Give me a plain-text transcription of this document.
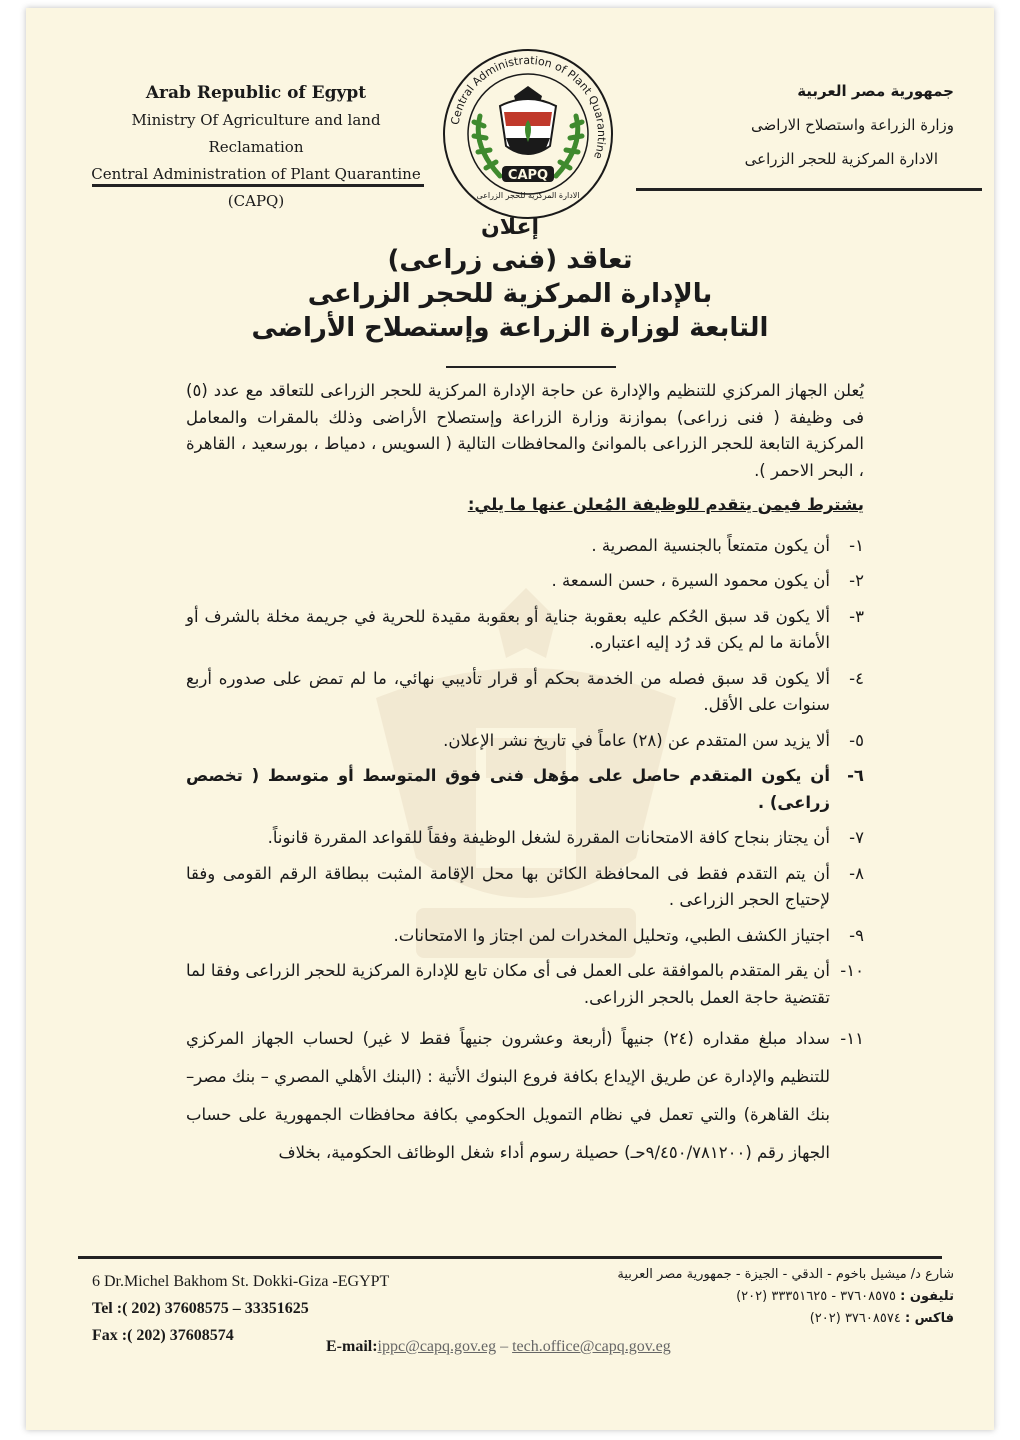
Arab Republic of Egypt
Ministry Of Agriculture and land Reclamation
Central Administration of Plant Quarantine
(CAPQ)
جمهورية مصر العربية
وزارة الزراعة واستصلاح الاراضى
الادارة المركزية للحجر الزراعى
Central Administration of Plant Quarantine
CAPQ
الادارة المركزية للحجر الزراعى
إعلان
تعاقد (فنى زراعى)
بالإدارة المركزية للحجر الزراعى
التابعة لوزارة الزراعة وإستصلاح الأراضى
يُعلن الجهاز المركزي للتنظيم والإدارة عن حاجة الإدارة المركزية للحجر الزراعى للتعاقد مع عدد (٥) فى وظيفة ( فنى زراعى) بموازنة وزارة الزراعة وإستصلاح الأراضى وذلك بالمقرات والمعامل المركزية التابعة للحجر الزراعى بالموانئ والمحافظات التالية ( السويس ، دمياط ، بورسعيد ، القاهرة ، البحر الاحمر ).
يشترط فيمن يتقدم للوظيفة المُعلن عنها ما يلي:
١-
أن يكون متمتعاً بالجنسية المصرية .
٢-
أن يكون محمود السيرة ، حسن السمعة .
٣-
ألا يكون قد سبق الحُكم عليه بعقوبة جناية أو بعقوبة مقيدة للحرية في جريمة مخلة بالشرف أو الأمانة ما لم يكن قد رُد إليه اعتباره.
٤-
ألا يكون قد سبق فصله من الخدمة بحكم أو قرار تأديبي نهائي، ما لم تمض على صدوره أربع سنوات على الأقل.
٥-
ألا يزيد سن المتقدم عن (٢٨) عاماً في تاريخ نشر الإعلان.
٦-
أن يكون المتقدم حاصل على مؤهل فنى فوق المتوسط أو متوسط ( تخصص زراعى) .
٧-
أن يجتاز بنجاح كافة الامتحانات المقررة لشغل الوظيفة وفقاً للقواعد المقررة قانوناً.
٨-
أن يتم التقدم فقط فى المحافظة الكائن بها محل الإقامة المثبت ببطاقة الرقم القومى وفقا لإحتياج الحجر الزراعى .
٩-
اجتياز الكشف الطبي، وتحليل المخدرات لمن اجتاز وا الامتحانات.
١٠-
أن يقر المتقدم بالموافقة على العمل فى أى مكان تابع للإدارة المركزية للحجر الزراعى وفقا لما تقتضية حاجة العمل بالحجر الزراعى.
١١-
سداد مبلغ مقداره (٢٤) جنيهاً (أربعة وعشرون جنيهاً فقط لا غير) لحساب الجهاز المركزي للتنظيم والإدارة عن طريق الإيداع بكافة فروع البنوك الأتية : (البنك الأهلي المصري – بنك مصر– بنك القاهرة) والتي تعمل في نظام التمويل الحكومي بكافة محافظات الجمهورية على حساب الجهاز رقم (٩/٤٥٠/٧٨١٢٠٠حـ) حصيلة رسوم أداء شغل الوظائف الحكومية، بخلاف
6 Dr.Michel Bakhom St. Dokki-Giza -EGYPT
Tel :( 202) 37608575 – 33351625
Fax :( 202) 37608574
شارع د/ ميشيل باخوم - الدقي - الجيزة - جمهورية مصر العربية
تليفون : ٣٧٦٠٨٥٧٥ - ٣٣٣٥١٦٢٥ (٢٠٢)
فاكس : ٣٧٦٠٨٥٧٤ (٢٠٢)
E-mail:ippc@capq.gov.eg – tech.office@capq.gov.eg
